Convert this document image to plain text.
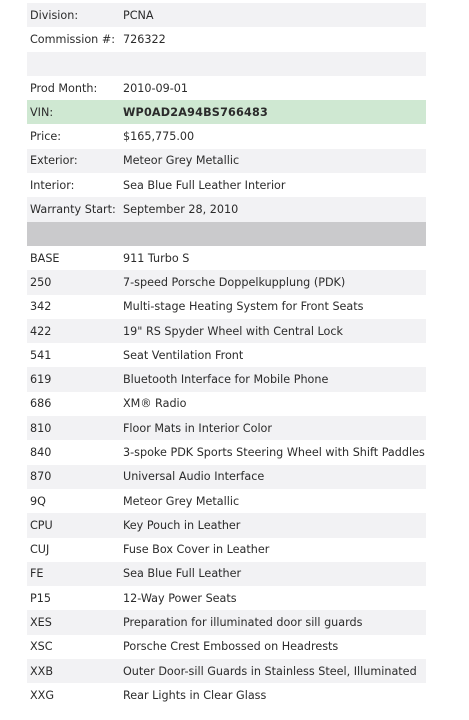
Division:	PCNA
Commission #: 726322
Prod Month: 2010-09-01
VIN:	WP0AD2A94BS766483
Price:	$165,775.00
Exterior:	Meteor Grey Metallic
Interior:	Sea Blue Full Leather Interior
Warranty Start: September 28, 2010
BASE	911 Turbo S
250	7-speed Porsche Doppelkupplung (PDK)
342	Multi-stage Heating System for Front Seats
422	19" RS Spyder Wheel with Central Lock
541	Seat Ventilation Front
619	Bluetooth Interface for Mobile Phone
686	XM® Radio
810	Floor Mats in Interior Color
840	3-spoke PDK Sports Steering Wheel with Shift Paddles
870	Universal Audio Interface
9Q	Meteor Grey Metallic
CPU	Key Pouch in Leather
CUJ	Fuse Box Cover in Leather
FE	Sea Blue Full Leather
P15	12-Way Power Seats
XES	Preparation for illuminated door sill guards
XSC	Porsche Crest Embossed on Headrests
XXB	Outer Door-sill Guards in Stainless Steel, Illuminated
XXG	Rear Lights in Clear Glass
